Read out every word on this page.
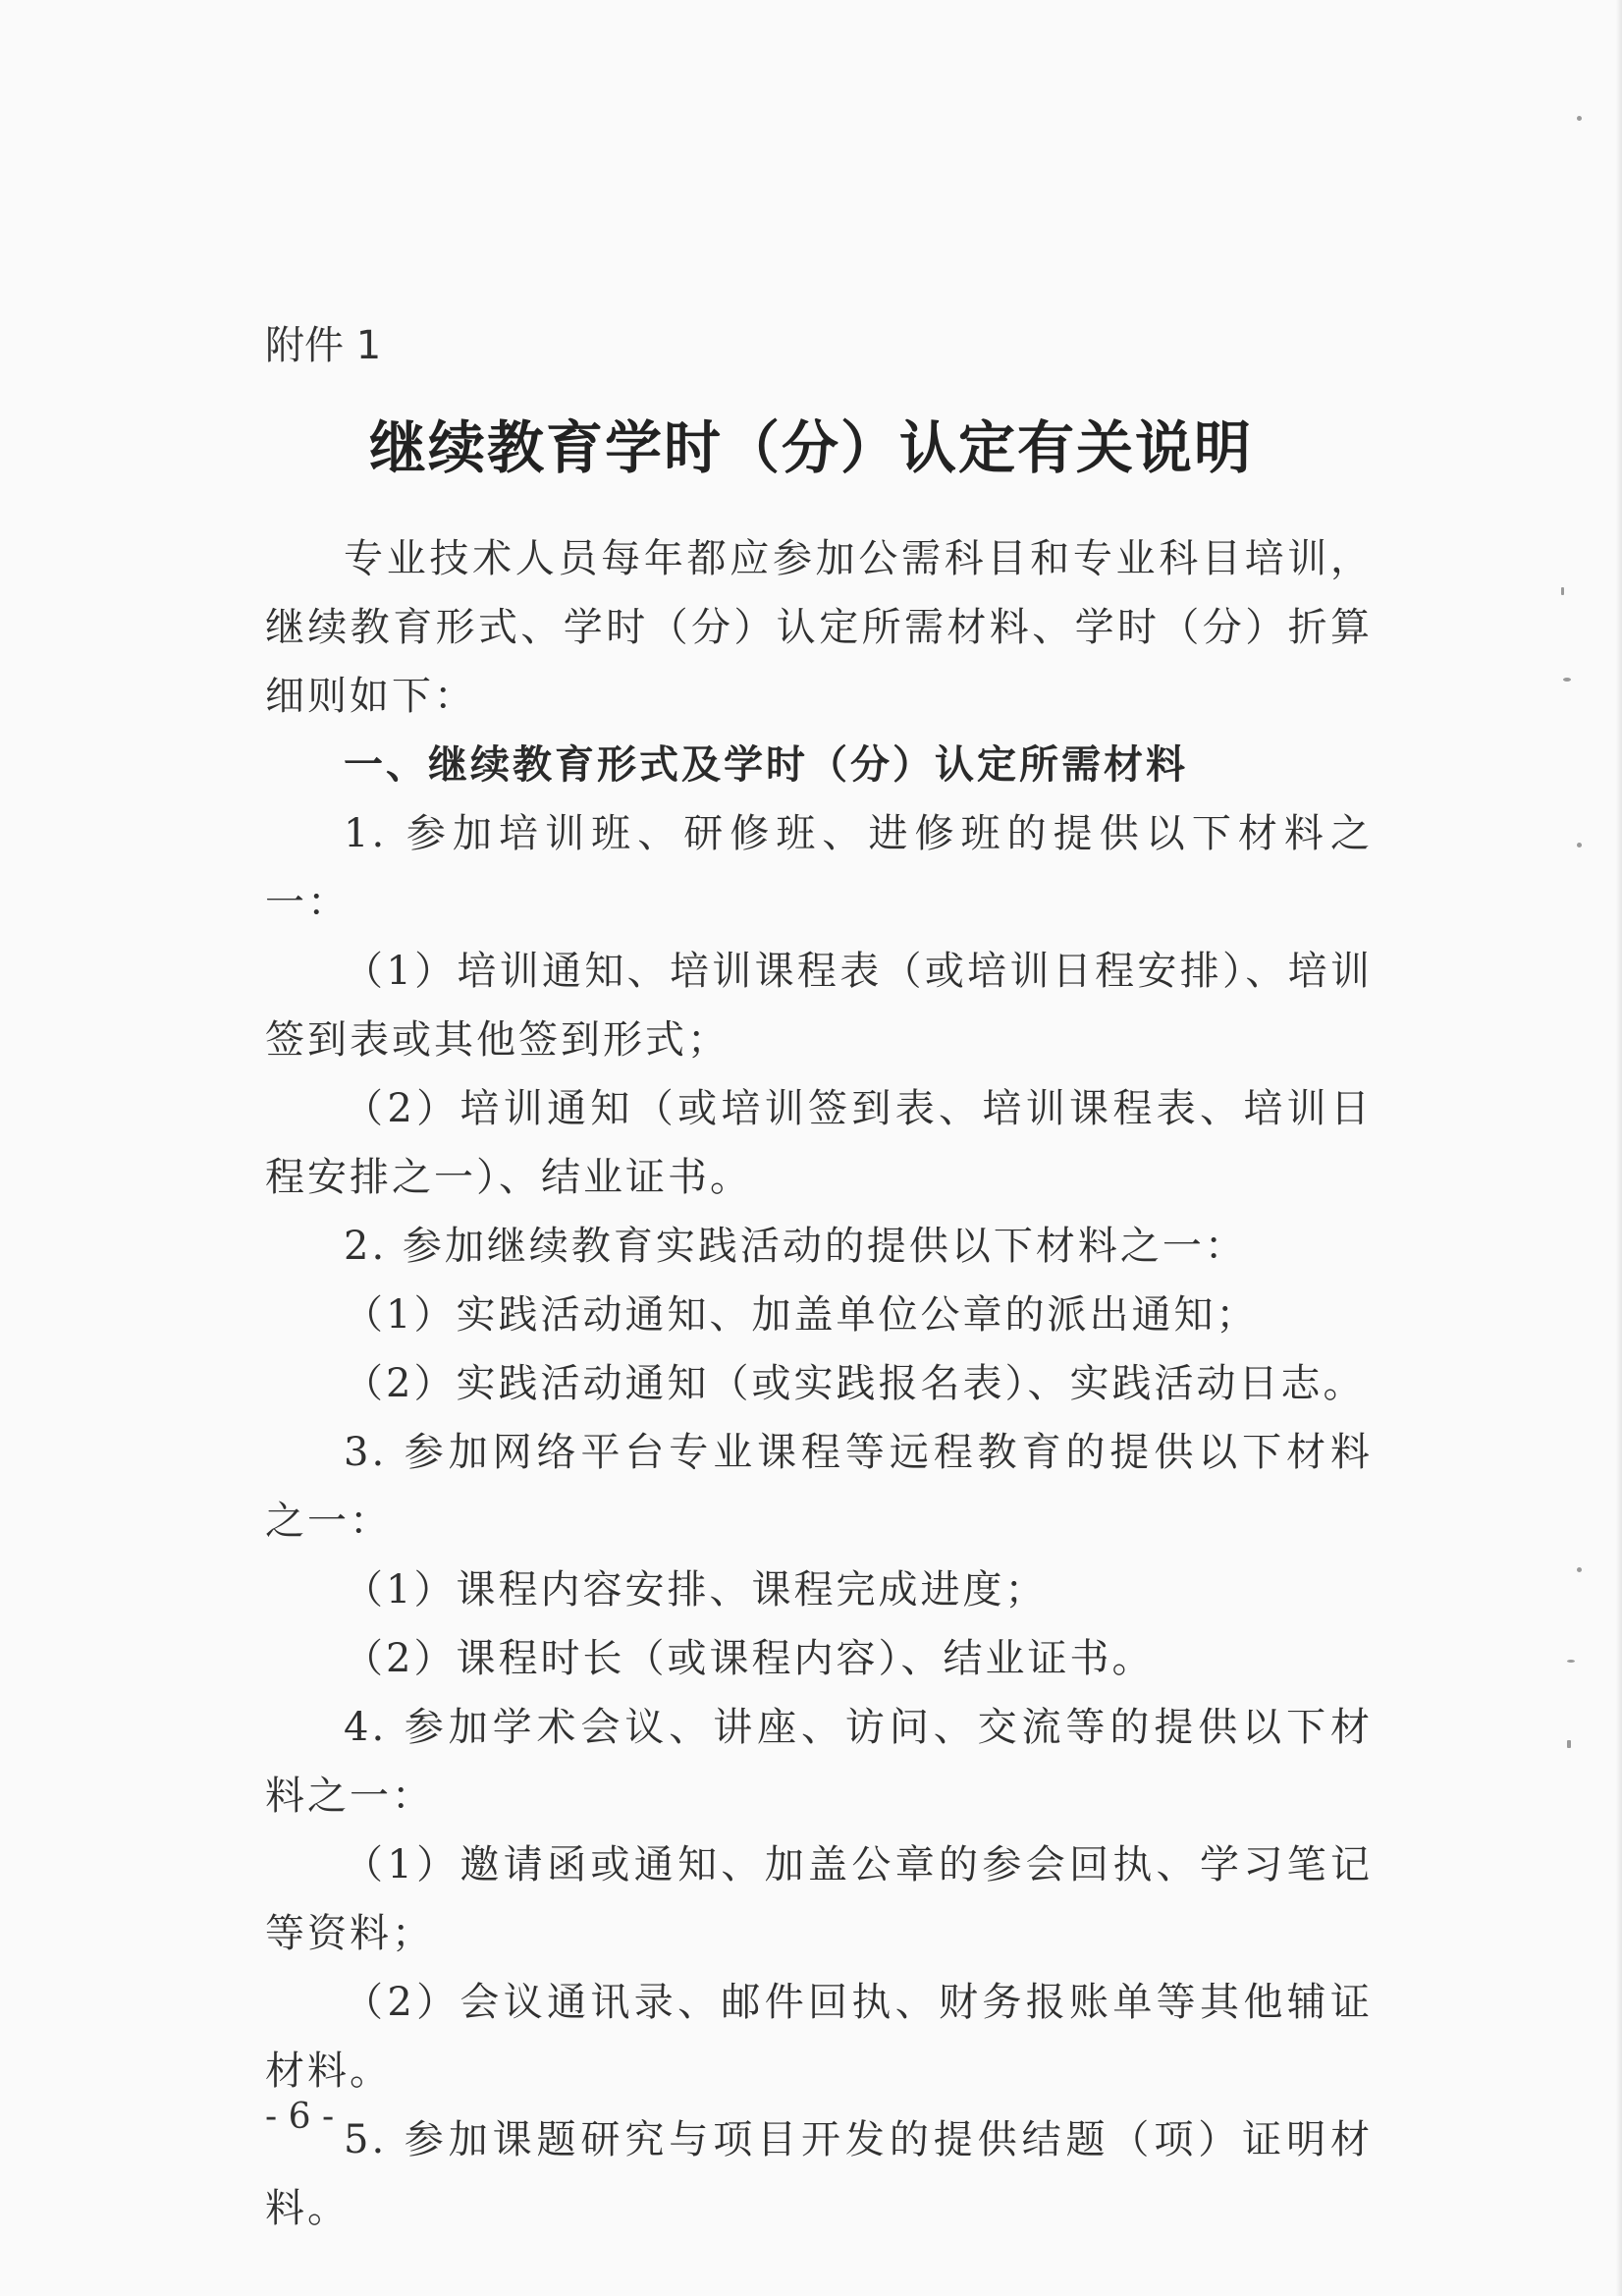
附件 1
继续教育学时（分）认定有关说明

专业技术人员每年都应参加公需科目和专业科目培训，继续教育形式、学时（分）认定所需材料、学时（分）折算细则如下：

一、继续教育形式及学时（分）认定所需材料

1. 参加培训班、研修班、进修班的提供以下材料之一：

（1）培训通知、培训课程表（或培训日程安排）、培训签到表或其他签到形式；

（2）培训通知（或培训签到表、培训课程表、培训日程安排之一）、结业证书。

2. 参加继续教育实践活动的提供以下材料之一：

（1）实践活动通知、加盖单位公章的派出通知；

（2）实践活动通知（或实践报名表）、实践活动日志。

3. 参加网络平台专业课程等远程教育的提供以下材料之一：

（1）课程内容安排、课程完成进度；

（2）课程时长（或课程内容）、结业证书。

4. 参加学术会议、讲座、访问、交流等的提供以下材料之一：

（1）邀请函或通知、加盖公章的参会回执、学习笔记等资料；

（2）会议通讯录、邮件回执、财务报账单等其他辅证材料。

5. 参加课题研究与项目开发的提供结题（项）证明材料。

- 6 -
